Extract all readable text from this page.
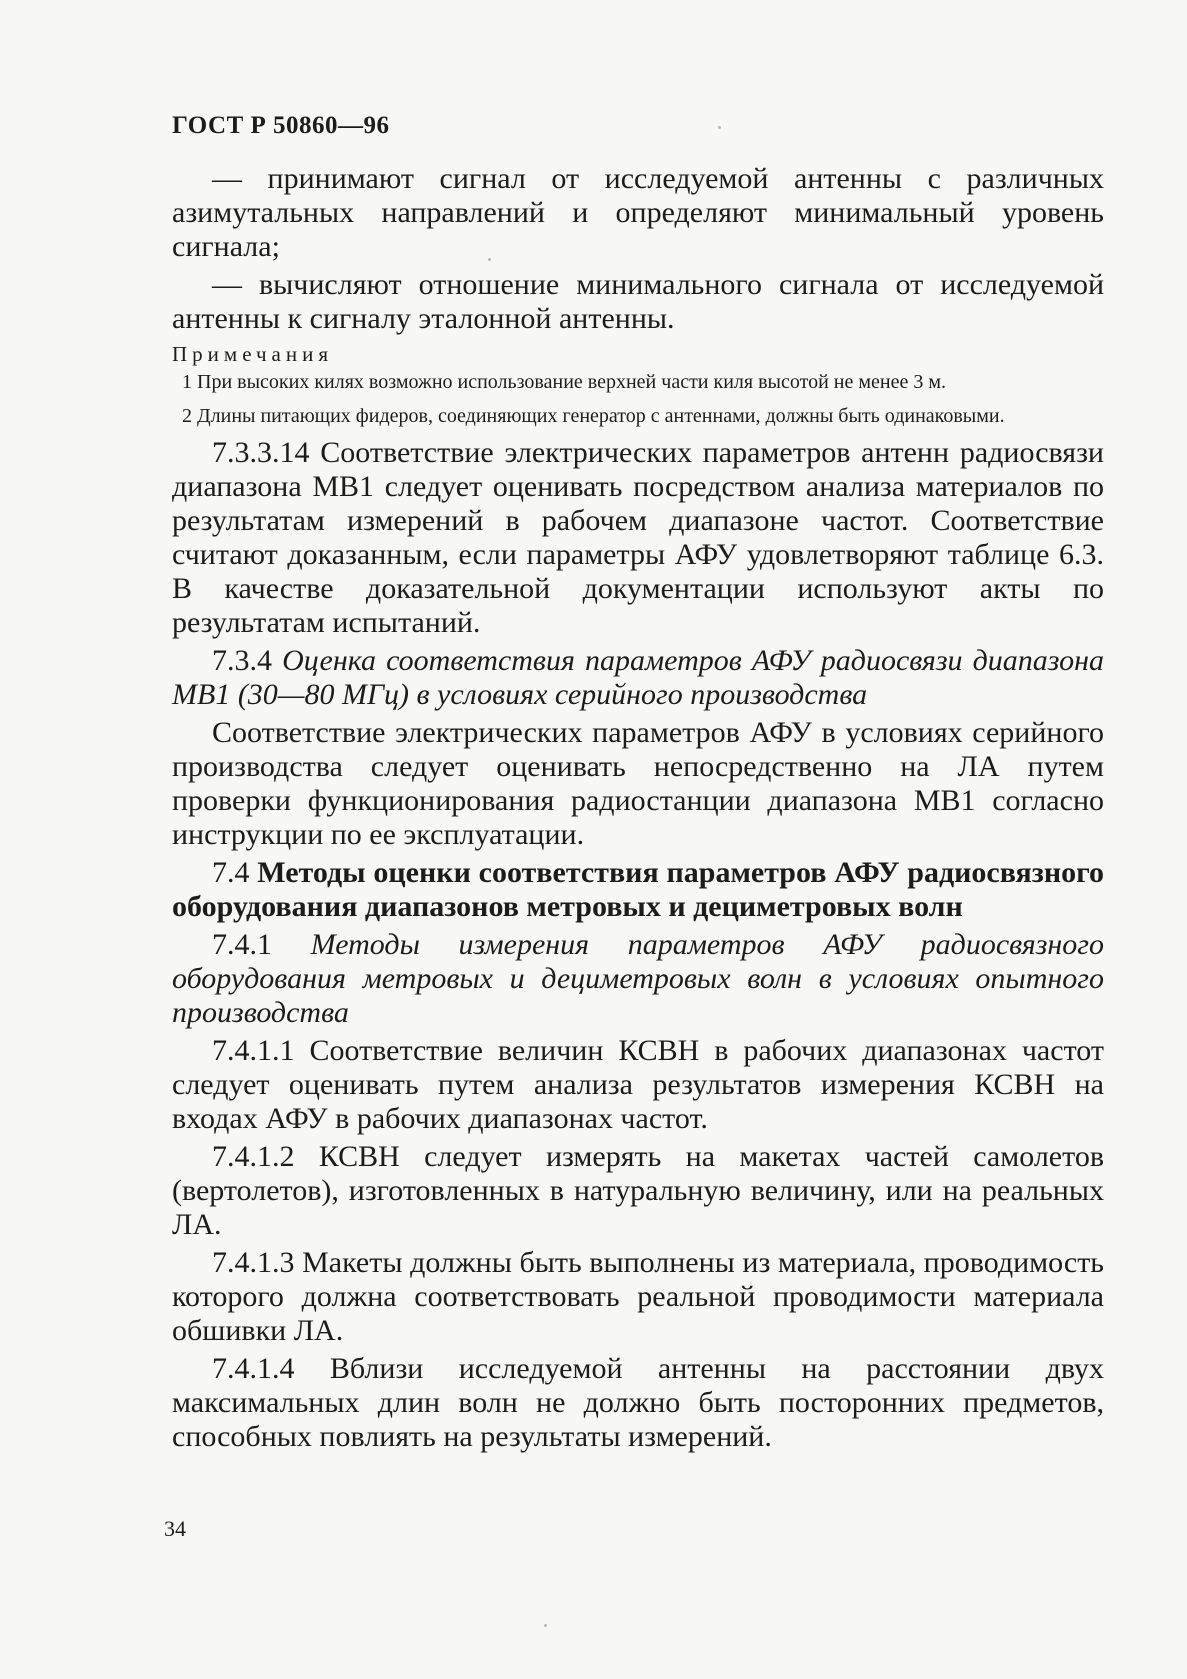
ГОСТ Р 50860—96

— принимают сигнал от исследуемой антенны с различных азимутальных направлений и определяют минимальный уровень сигнала;

— вычисляют отношение минимального сигнала от исследуемой антенны к сигналу эталонной антенны.

Примечания

1 При высоких килях возможно использование верхней части киля высотой не менее 3 м.

2 Длины питающих фидеров, соединяющих генератор с антеннами, должны быть одинаковыми.

7.3.3.14 Соответствие электрических параметров антенн радиосвязи диапазона МВ1 следует оценивать посредством анализа материалов по результатам измерений в рабочем диапазоне частот. Соответствие считают доказанным, если параметры АФУ удовлетворяют таблице 6.3. В качестве доказательной документации используют акты по результатам испытаний.

7.3.4 Оценка соответствия параметров АФУ радиосвязи диапазона МВ1 (30—80 МГц) в условиях серийного производства

Соответствие электрических параметров АФУ в условиях серийного производства следует оценивать непосредственно на ЛА путем проверки функционирования радиостанции диапазона МВ1 согласно инструкции по ее эксплуатации.

7.4 Методы оценки соответствия параметров АФУ радиосвязного оборудования диапазонов метровых и дециметровых волн

7.4.1 Методы измерения параметров АФУ радиосвязного оборудования метровых и дециметровых волн в условиях опытного производства

7.4.1.1 Соответствие величин КСВН в рабочих диапазонах частот следует оценивать путем анализа результатов измерения КСВН на входах АФУ в рабочих диапазонах частот.

7.4.1.2 КСВН следует измерять на макетах частей самолетов (вертолетов), изготовленных в натуральную величину, или на реальных ЛА.

7.4.1.3 Макеты должны быть выполнены из материала, проводимость которого должна соответствовать реальной проводимости материала обшивки ЛА.

7.4.1.4 Вблизи исследуемой антенны на расстоянии двух максимальных длин волн не должно быть посторонних предметов, способных повлиять на результаты измерений.

34
